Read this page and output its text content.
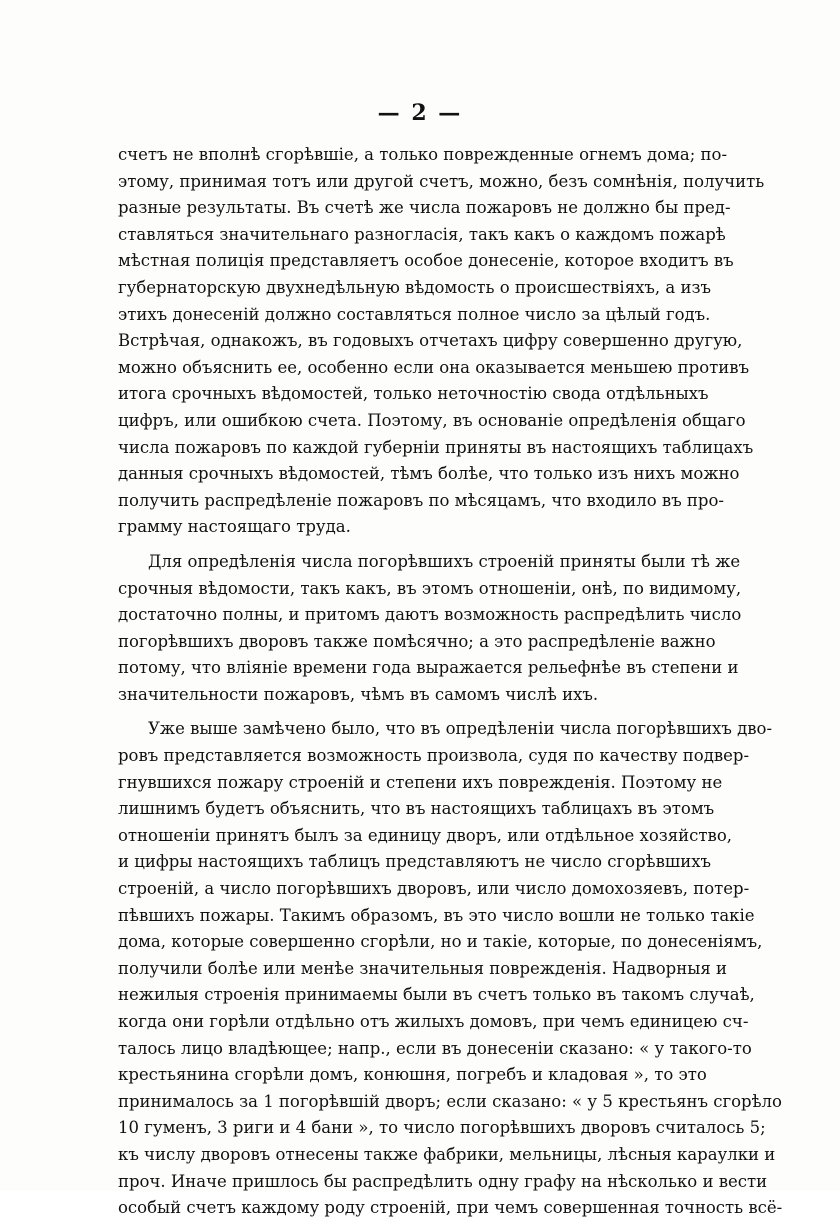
— 2 —
счетъ не вполнѣ сгорѣвшіе, а только поврежденные огнемъ дома; по-
этому, принимая тотъ или другой счетъ, можно, безъ сомнѣнія, получить
разные результаты. Въ счетѣ же числа пожаровъ не должно бы пред-
ставляться значительнаго разногласія, такъ какъ о каждомъ пожарѣ
мѣстная полиція представляетъ особое донесеніе, которое входитъ въ
губернаторскую двухнедѣльную вѣдомость о происшествіяхъ, а изъ
этихъ донесеній должно составляться полное число за цѣлый годъ.
Встрѣчая, однакожъ, въ годовыхъ отчетахъ цифру совершенно другую,
можно объяснить ее, особенно если она оказывается меньшею противъ
итога срочныхъ вѣдомостей, только неточностію свода отдѣльныхъ
цифръ, или ошибкою счета. Поэтому, въ основаніе опредѣленія общаго
числа пожаровъ по каждой губерніи приняты въ настоящихъ таблицахъ
данныя срочныхъ вѣдомостей, тѣмъ болѣе, что только изъ нихъ можно
получить распредѣленіе пожаровъ по мѣсяцамъ, что входило въ про-
грамму настоящаго труда.
Для опредѣленія числа погорѣвшихъ строеній приняты были тѣ же
срочныя вѣдомости, такъ какъ, въ этомъ отношеніи, онѣ, по видимому,
достаточно полны, и притомъ даютъ возможность распредѣлить число
погорѣвшихъ дворовъ также помѣсячно; а это распредѣленіе важно
потому, что вліяніе времени года выражается рельефнѣе въ степени и
значительности пожаровъ, чѣмъ въ самомъ числѣ ихъ.
Уже выше замѣчено было, что въ опредѣленіи числа погорѣвшихъ дво-
ровъ представляется возможность произвола, судя по качеству подвер-
гнувшихся пожару строеній и степени ихъ поврежденія. Поэтому не
лишнимъ будетъ объяснить, что въ настоящихъ таблицахъ въ этомъ
отношеніи принятъ былъ за единицу дворъ, или отдѣльное хозяйство,
и цифры настоящихъ таблицъ представляютъ не число сгорѣвшихъ
строеній, а число погорѣвшихъ дворовъ, или число домохозяевъ, потер-
пѣвшихъ пожары. Такимъ образомъ, въ это число вошли не только такіе
дома, которые совершенно сгорѣли, но и такіе, которые, по донесеніямъ,
получили болѣе или менѣе значительныя поврежденія. Надворныя и
нежилыя строенія принимаемы были въ счетъ только въ такомъ случаѣ,
когда они горѣли отдѣльно отъ жилыхъ домовъ, при чемъ единицею сч-
талось лицо владѣющее; напр., если въ донесеніи сказано: « у такого-то
крестьянина сгорѣли домъ, конюшня, погребъ и кладовая », то это
принималось за 1 погорѣвшій дворъ; если сказано: « у 5 крестьянъ сгорѣло
10 гуменъ, 3 риги и 4 бани », то число погорѣвшихъ дворовъ считалось 5;
къ числу дворовъ отнесены также фабрики, мельницы, лѣсныя караулки и
проч. Иначе пришлось бы распредѣлить одну графу на нѣсколько и вести
особый счетъ каждому роду строеній, при чемъ совершенная точность всё-
